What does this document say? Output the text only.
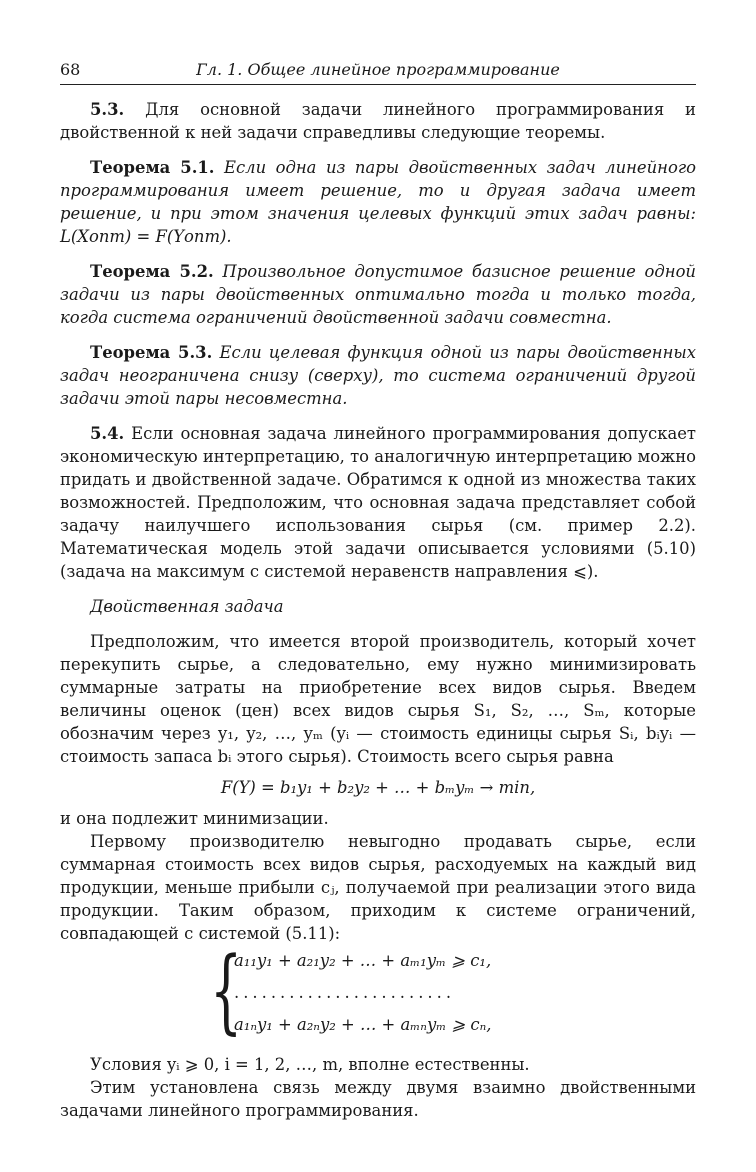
68	Гл. 1. Общее линейное программирование

5.3. Для основной задачи линейного программирования и двойственной к ней задачи справедливы следующие теоремы.

Теорема 5.1. Если одна из пары двойственных задач линейного программирования имеет решение, то и другая задача имеет решение, и при этом значения целевых функций этих задач равны: L(Xопт) = F(Yопт).

Теорема 5.2. Произвольное допустимое базисное решение одной задачи из пары двойственных оптимально тогда и только тогда, когда система ограничений двойственной задачи совместна.

Теорема 5.3. Если целевая функция одной из пары двойственных задач неограничена снизу (сверху), то система ограничений другой задачи этой пары несовместна.

5.4. Если основная задача линейного программирования допускает экономическую интерпретацию, то аналогичную интерпретацию можно придать и двойственной задаче. Обратимся к одной из множества таких возможностей. Предположим, что основная задача представляет собой задачу наилучшего использования сырья (см. пример 2.2). Математическая модель этой задачи описывается условиями (5.10) (задача на максимум с системой неравенств направления ⩽).

Двойственная задача

Предположим, что имеется второй производитель, который хочет перекупить сырье, а следовательно, ему нужно минимизировать суммарные затраты на приобретение всех видов сырья. Введем величины оценок (цен) всех видов сырья S₁, S₂, …, Sₘ, которые обозначим через y₁, y₂, …, yₘ (yᵢ — стоимость единицы сырья Sᵢ, bᵢyᵢ — стоимость запаса bᵢ этого сырья). Стоимость всего сырья равна

F(Y) = b₁y₁ + b₂y₂ + … + bₘyₘ → min,

и она подлежит минимизации.

Первому производителю невыгодно продавать сырье, если суммарная стоимость всех видов сырья, расходуемых на каждый вид продукции, меньше прибыли cⱼ, получаемой при реализации этого вида продукции. Таким образом, приходим к системе ограничений, совпадающей с системой (5.11):

{
a₁₁y₁ + a₂₁y₂ + … + aₘ₁yₘ ⩾ c₁,
........................
a₁ₙy₁ + a₂ₙy₂ + … + aₘₙyₘ ⩾ cₙ,

Условия yᵢ ⩾ 0, i = 1, 2, …, m, вполне естественны.

Этим установлена связь между двумя взаимно двойственными задачами линейного программирования.
